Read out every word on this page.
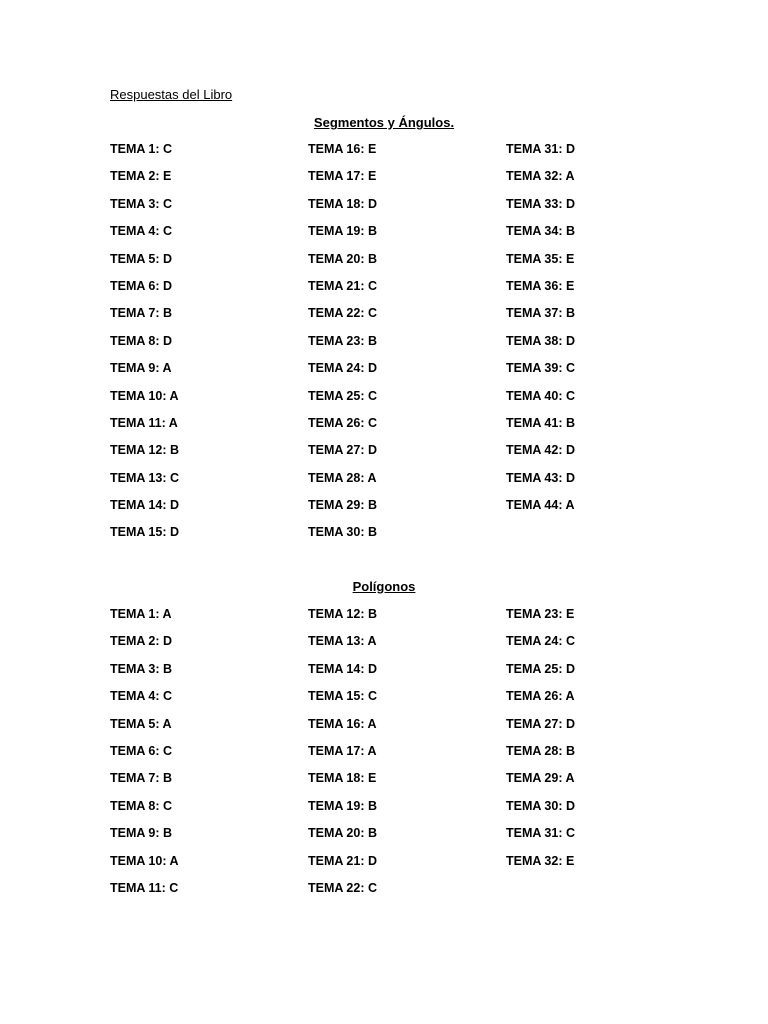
Respuestas del Libro
Segmentos y Ángulos.
TEMA 1: C
TEMA 2: E
TEMA 3: C
TEMA 4: C
TEMA 5: D
TEMA 6: D
TEMA 7: B
TEMA 8: D
TEMA 9: A
TEMA 10: A
TEMA 11: A
TEMA 12: B
TEMA 13: C
TEMA 14: D
TEMA 15: D
TEMA 16: E
TEMA 17: E
TEMA 18: D
TEMA 19: B
TEMA 20: B
TEMA 21: C
TEMA 22: C
TEMA 23: B
TEMA 24: D
TEMA 25: C
TEMA 26: C
TEMA 27: D
TEMA 28: A
TEMA 29: B
TEMA 30: B
TEMA 31: D
TEMA 32: A
TEMA 33: D
TEMA 34: B
TEMA 35: E
TEMA 36: E
TEMA 37: B
TEMA 38: D
TEMA 39: C
TEMA 40: C
TEMA 41: B
TEMA 42: D
TEMA 43: D
TEMA 44: A
Polígonos
TEMA 1: A
TEMA 2: D
TEMA 3: B
TEMA 4: C
TEMA 5: A
TEMA 6: C
TEMA 7: B
TEMA 8: C
TEMA 9: B
TEMA 10: A
TEMA 11: C
TEMA 12: B
TEMA 13: A
TEMA 14: D
TEMA 15: C
TEMA 16: A
TEMA 17: A
TEMA 18: E
TEMA 19: B
TEMA 20: B
TEMA 21: D
TEMA 22: C
TEMA 23: E
TEMA 24: C
TEMA 25: D
TEMA 26: A
TEMA 27: D
TEMA 28: B
TEMA 29: A
TEMA 30: D
TEMA 31: C
TEMA 32: E
